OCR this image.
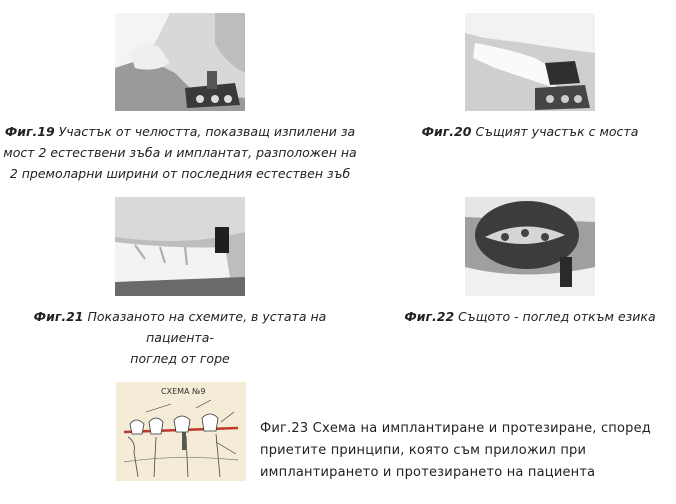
СХЕМА №9
Фиг.19 Участък от челюстта, показващ изпилени за
мост 2 естествени зъба и имплантат, разположен на
2 премоларни ширини от последния естествен зъб
Фиг.20 Същият участък с моста
Фиг.21 Показаното на схемите, в устата на пациента-
поглед от горе
Фиг.22 Същото - поглед откъм езика
Фиг.23 Схема на имплантиране и протезиране, според
приетите принципи, която съм приложил при
имплантирането и протезирането на пациента
